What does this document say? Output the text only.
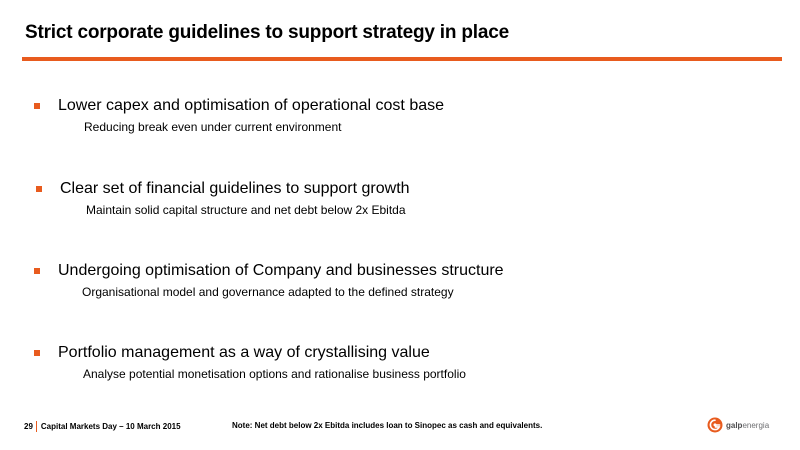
Strict corporate guidelines to support strategy in place
Lower capex and optimisation of operational cost base
Reducing break even under current environment
Clear set of financial guidelines to support growth
Maintain solid capital structure and net debt below 2x Ebitda
Undergoing optimisation of Company and businesses structure
Organisational model and governance adapted to the defined strategy
Portfolio management as a way of crystallising value
Analyse potential monetisation options and rationalise business portfolio
29 Capital Markets Day – 10 March 2015	Note: Net debt below 2x Ebitda includes loan to Sinopec as cash and equivalents.	galpenergia
